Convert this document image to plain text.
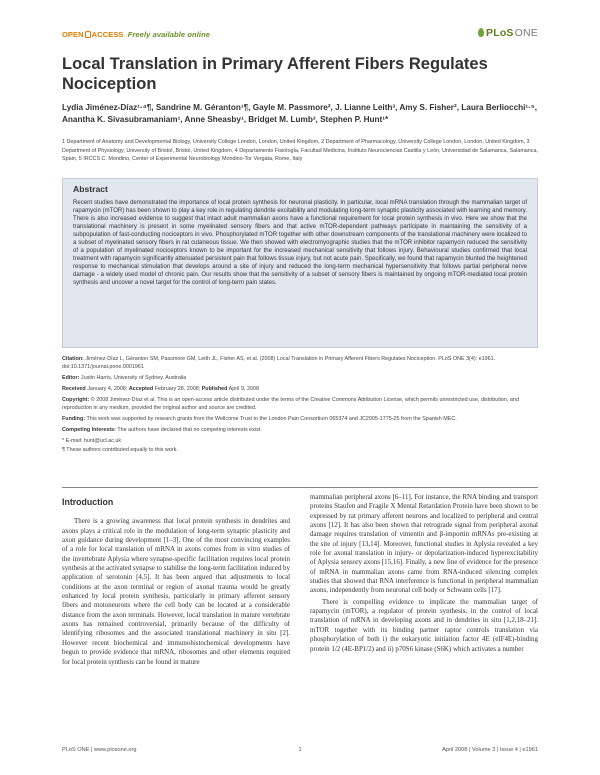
OPEN ACCESS Freely available online	PLoSONE
Local Translation in Primary Afferent Fibers Regulates Nociception
Lydia Jiménez-Díaz¹·⁴¶, Sandrine M. Géranton¹¶, Gayle M. Passmore², J. Lianne Leith³, Amy S. Fisher², Laura Berliocchi¹·⁵, Anantha K. Sivasubramaniam¹, Anne Sheasby¹, Bridget M. Lumb³, Stephen P. Hunt¹*
1 Department of Anatomy and Developmental Biology, University College London, London, United Kingdom, 2 Department of Pharmacology, University College London, London, United Kingdom, 3 Department of Physiology, University of Bristol, Bristol, United Kingdom, 4 Departamento Fisiología, Facultad Medicina, Instituto Neurociencias Castilla y León, Universidad de Salamanca, Salamanca, Spain, 5 IRCCS C. Mondino, Center of Experimental Neurobiology Mondino-Tor Vergata, Rome, Italy
Abstract

Recent studies have demonstrated the importance of local protein synthesis for neuronal plasticity. In particular, local mRNA translation through the mammalian target of rapamycin (mTOR) has been shown to play a key role in regulating dendrite excitability and modulating long-term synaptic plasticity associated with learning and memory. There is also increased evidence to suggest that intact adult mammalian axons have a functional requirement for local protein synthesis in vivo. Here we show that the translational machinery is present in some myelinated sensory fibers and that active mTOR-dependent pathways participate in maintaining the sensitivity of a subpopulation of fast-conducting nociceptors in vivo. Phosphorylated mTOR together with other downstream components of the translational machinery were localized to a subset of myelinated sensory fibers in rat cutaneous tissue. We then showed with electromyographic studies that the mTOR inhibitor rapamycin reduced the sensitivity of a population of myelinated nociceptors known to be important for the increased mechanical sensitivity that follows injury. Behavioural studies confirmed that local treatment with rapamycin significantly attenuated persistent pain that follows tissue injury, but not acute pain. Specifically, we found that rapamycin blunted the heightened response to mechanical stimulation that develops around a site of injury and reduced the long-term mechanical hypersensitivity that follows partial peripheral nerve damage - a widely used model of chronic pain. Our results show that the sensitivity of a subset of sensory fibers is maintained by ongoing mTOR-mediated local protein synthesis and uncover a novel target for the control of long-term pain states.

Citation: Jiménez-Díaz L, Géranton SM, Passmore GM, Leith JL, Fisher AS, et al. (2008) Local Translation in Primary Afferent Fibers Regulates Nociception. PLoS ONE 3(4): e1961. doi:10.1371/journal.pone.0001961
Editor: Justin Harris, University of Sydney, Australia
Received January 4, 2008; Accepted February 28, 2008; Published April 9, 2008
Copyright: © 2008 Jiménez-Díaz et al. This is an open-access article distributed under the terms of the Creative Commons Attribution License, which permits unrestricted use, distribution, and reproduction in any medium, provided the original author and source are credited.
Funding: This work was supported by research grants from the Wellcome Trust to the London Pain Consortium 065374 and JC2005-1775-25 from the Spanish MEC.
Competing Interests: The authors have declared that no competing interests exist.
* E-mail: hunt@ucl.ac.uk
¶ These authors contributed equally to this work.
Introduction

There is a growing awareness that local protein synthesis in dendrites and axons plays a critical role in the modulation of long-term synaptic plasticity and axon guidance during development [1–3]. One of the most convincing examples of a role for local translation of mRNA in axons comes from in vitro studies of the invertebrate Aplysia where synapse-specific facilitation requires local protein synthesis at the activated synapse to stabilise the long-term facilitation induced by application of serotonin [4,5]. It has been argued that adjustments to local conditions at the axon terminal or region of axonal trauma would be greatly enhanced by local protein synthesis, particularly in primary afferent sensory fibers and motoneurons where the cell body can be located at a considerable distance from the axon terminals. However, local translation in mature vertebrate axons has remained controversial, primarily because of the difficulty of identifying ribosomes and the associated translational machinery in situ [2]. However recent biochemical and immunohistochemical developments have begun to provide evidence that mRNA, ribosomes and other elements required for local protein synthesis can be found in mature

mammalian peripheral axons [6–11]. For instance, the RNA binding and transport proteins Staufen and Fragile X Mental Retardation Protein have been shown to be expressed by rat primary afferent neurons and localized to peripheral and central axons [12]. It has also been shown that retrograde signal from peripheral axonal damage requires translation of vimentin and β-importin mRNAs pre-existing at the site of injury [13,14]. Moreover, functional studies in Aplysia revealed a key role for axonal translation in injury- or depolarization-induced hyperexcitability of Aplysia sensory axons [15,16]. Finally, a new line of evidence for the presence of mRNA in mammalian axons came from RNA-induced silencing complex studies that showed that RNA interference is functional in peripheral mammalian axons, independently from neuronal cell body or Schwann cells [17].

There is compelling evidence to implicate the mammalian target of rapamycin (mTOR), a regulator of protein synthesis, in the control of local translation of mRNA in developing axons and in dendrites in situ [1,2,18–21]. mTOR together with its binding partner raptor controls translation via phosphorylation of both i) the eukaryotic initiation factor 4E (eIF4E)-binding protein 1/2 (4E-BP1/2) and ii) p70S6 kinase (S6K) which activates a number

PLoS ONE | www.plosone.org	1	April 2008 | Volume 3 | Issue 4 | e1961
